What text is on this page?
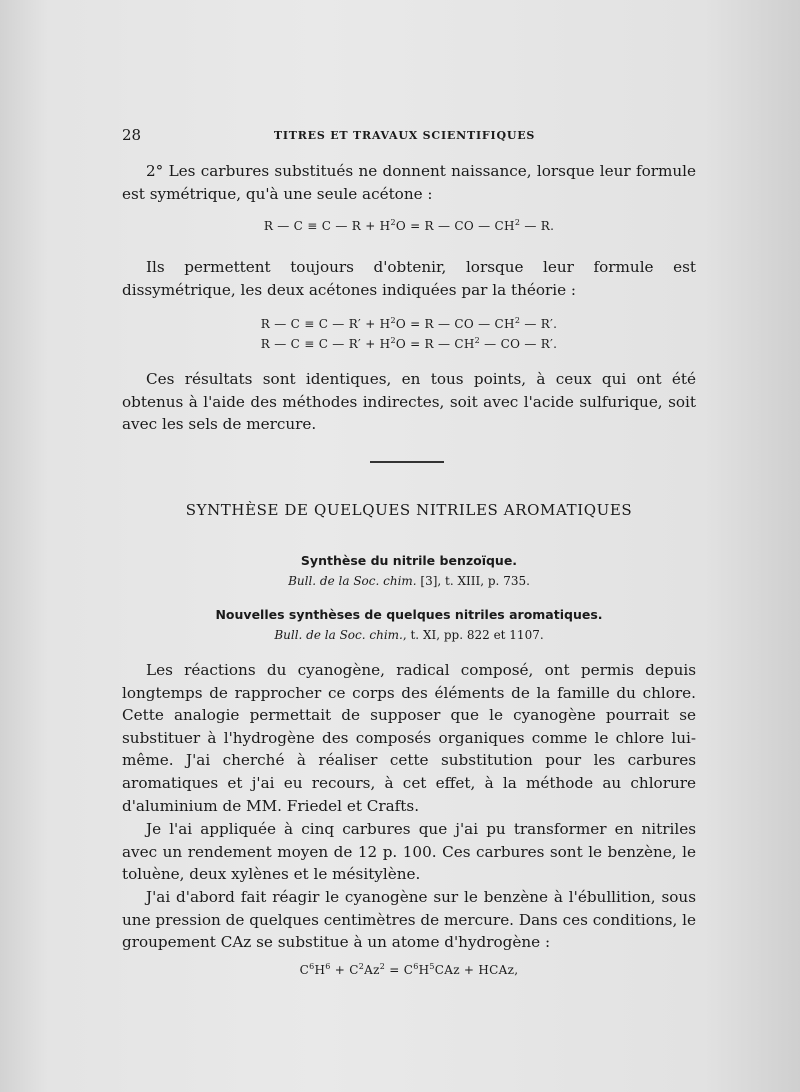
28	TITRES ET TRAVAUX SCIENTIFIQUES
2° Les carbures substitués ne donnent naissance, lorsque leur formule est symétrique, qu'à une seule acétone :
R — C ≡ C — $R + H^2O = R$ — CO — $CH^2$ — R.
Ils permettent toujours d'obtenir, lorsque leur formule est dissymétrique, les deux acétones indiquées par la théorie :
R — C ≡ C — $R' + H^2O = R$ — CO — $CH^2$ — R′.
R — C ≡ C — $R' + H^2O = R$ — $CH^2$ — CO — R′.
Ces résultats sont identiques, en tous points, à ceux qui ont été obtenus à l'aide des méthodes indirectes, soit avec l'acide sulfurique, soit avec les sels de mercure.
SYNTHÈSE DE QUELQUES NITRILES AROMATIQUES
Synthèse du nitrile benzoïque.
Bull. de la Soc. chim. [3], t. XIII, p. 735.
Nouvelles synthèses de quelques nitriles aromatiques.
Bull. de la Soc. chim., t. XI, pp. 822 et 1107.
Les réactions du cyanogène, radical composé, ont permis depuis longtemps de rapprocher ce corps des éléments de la famille du chlore. Cette analogie permettait de supposer que le cyanogène pourrait se substituer à l'hydrogène des composés organiques comme le chlore lui-même. J'ai cherché à réaliser cette substitution pour les carbures aromatiques et j'ai eu recours, à cet effet, à la méthode au chlorure d'aluminium de MM. Friedel et Crafts.
Je l'ai appliquée à cinq carbures que j'ai pu transformer en nitriles avec un rendement moyen de 12 p. 100. Ces carbures sont le benzène, le toluène, deux xylènes et le mésitylène.
J'ai d'abord fait réagir le cyanogène sur le benzène à l'ébullition, sous une pression de quelques centimètres de mercure. Dans ces conditions, le groupement CAz se substitue à un atome d'hydrogène :
$C^6H^6 + C^2Az^2 = C^6H^5CAz$ + HCAz,
